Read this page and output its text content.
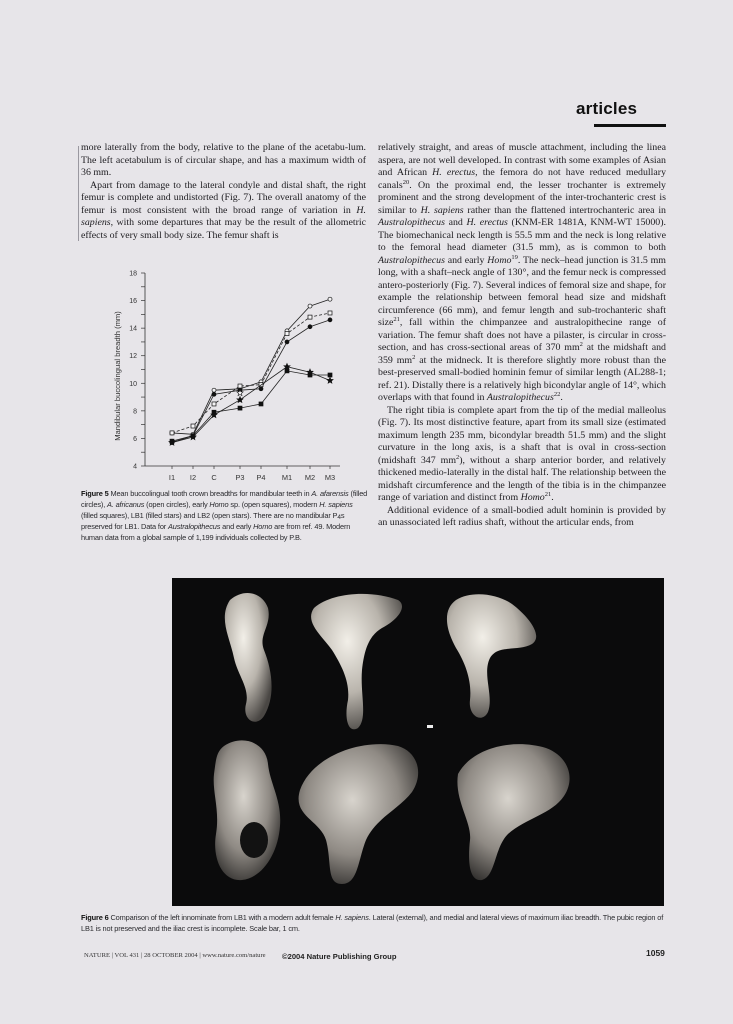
articles

more laterally from the body, relative to the plane of the acetabu-lum. The left acetabulum is of circular shape, and has a maximum width of 36 mm.

Apart from damage to the lateral condyle and distal shaft, the right femur is complete and undistorted (Fig. 7). The overall anatomy of the femur is most consistent with the broad range of variation in H. sapiens, with some departures that may be the result of the allometric effects of very small body size. The femur shaft is

relatively straight, and areas of muscle attachment, including the linea aspera, are not well developed. In contrast with some examples of Asian and African H. erectus, the femora do not have reduced medullary canals$^{20}$. On the proximal end, the lesser trochanter is extremely prominent and the strong development of the inter-trochanteric crest is similar to H. sapiens rather than the flattened intertrochanteric area in Australopithecus and H. erectus (KNM-ER 1481A, KNM-WT 15000). The biomechanical neck length is 55.5 mm and the neck is long relative to the femoral head diameter (31.5 mm), as is common to both Australopithecus and early Homo$^{19}$. The neck–head junction is 31.5 mm long, with a shaft–neck angle of 130°, and the femur neck is compressed antero-posteriorly (Fig. 7). Several indices of femoral size and shape, for example the relationship between femoral head size and midshaft circumference (66 mm), and femur length and sub-trochanteric shaft size$^{21}$, fall within the chimpanzee and australopithecine range of variation. The femur shaft does not have a pilaster, is circular in cross-section, and has cross-sectional areas of 370 $mm^2$ at the midshaft and 359 $mm^2$ at the midneck. It is therefore slightly more robust than the best-preserved small-bodied hominin femur of similar length (AL288-1; ref. 21). Distally there is a relatively high bicondylar angle of 14°, which overlaps with that found in Australopithecus$^{22}$.

The right tibia is complete apart from the tip of the medial malleolus (Fig. 7). Its most distinctive feature, apart from its small size (estimated maximum length 235 mm, bicondylar breadth 51.5 mm) and the slight curvature in the long axis, is a shaft that is oval in cross-section (midshaft 347 $mm^2$), without a sharp anterior border, and relatively thickened medio-laterally in the distal half. The relationship between the midshaft circumference and the length of the tibia is in the chimpanzee range of variation and distinct from Homo$^{21}$.

Additional evidence of a small-bodied adult hominin is provided by an unassociated left radius shaft, without the articular ends, from

4
6
8
10
12
14
16
18
I1 I2 C	P3 P4 M1 M2 M3
Mandibular buccolingual breadth (mm)
Figure 5 Mean buccolingual tooth crown breadths for mandibular teeth in A. afarensis (filled circles), A. africanus (open circles), early Homo sp. (open squares), modern H. sapiens (filled squares), LB1 (filled stars) and LB2 (open stars). There are no mandibular $P_4s$ preserved for LB1. Data for Australopithecus and early Homo are from ref. 49. Modern human data from a global sample of 1,199 individuals collected by P.B.
Figure 6 Comparison of the left innominate from LB1 with a modern adult female H. sapiens. Lateral (external), and medial and lateral views of maximum iliac breadth. The pubic region of LB1 is not preserved and the iliac crest is incomplete. Scale bar, 1 cm.
NATURE | VOL 431 | 28 OCTOBER 2004 | www.nature.com/nature ©2004 Nature Publishing Group	1059
